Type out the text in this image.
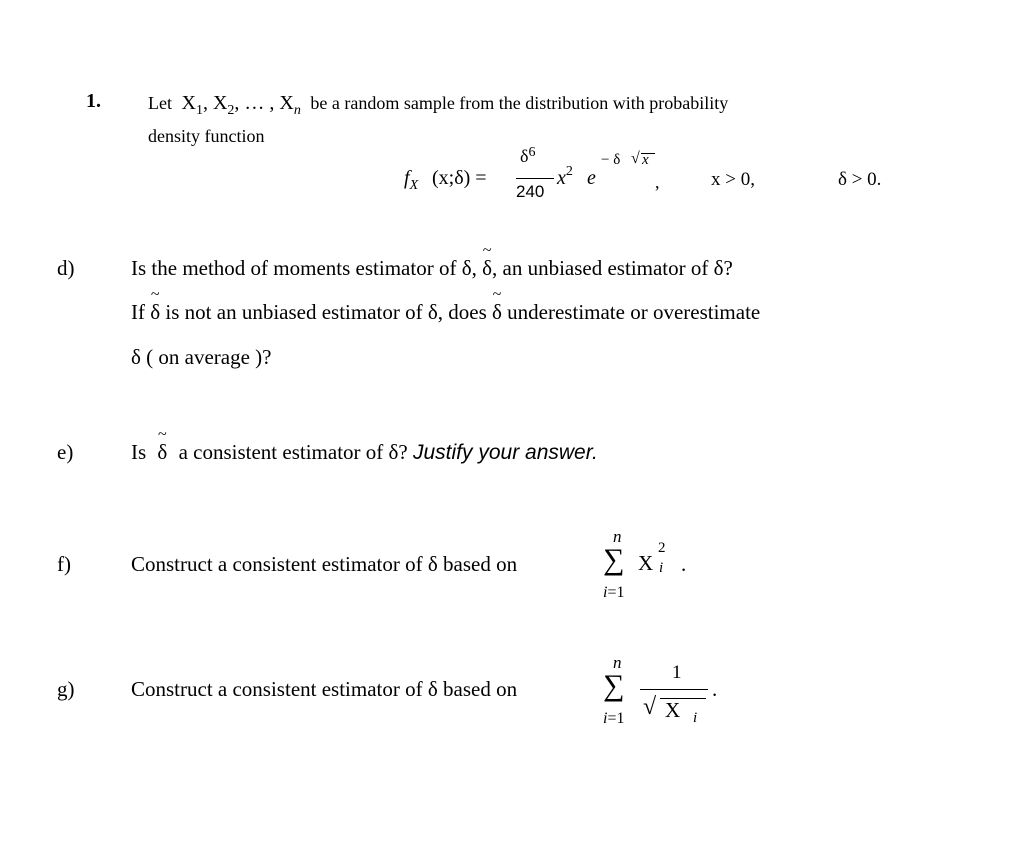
1.	Let  $X_1$, $X_2$, … , $X_n$ be a random sample from the distribution with probability
density function
$f_X$ (x;δ) =
$\delta^6$
240
$x^2$ e
− δ √ x
,	x > 0,	δ > 0.
d)	Is the method of moments estimator of δ, ~ δ, an unbiased estimator of δ?
If ~ δ is not an unbiased estimator of δ, does ~ δ underestimate or overestimate
δ ( on average )?
e)	Is ~ δ a consistent estimator of δ? Justify your answer.
f)	Construct a consistent estimator of δ based on
n
∑
i=1
X
2
i .
g)	Construct a consistent estimator of δ based on
n
∑
i=1
1
√ X i
.
